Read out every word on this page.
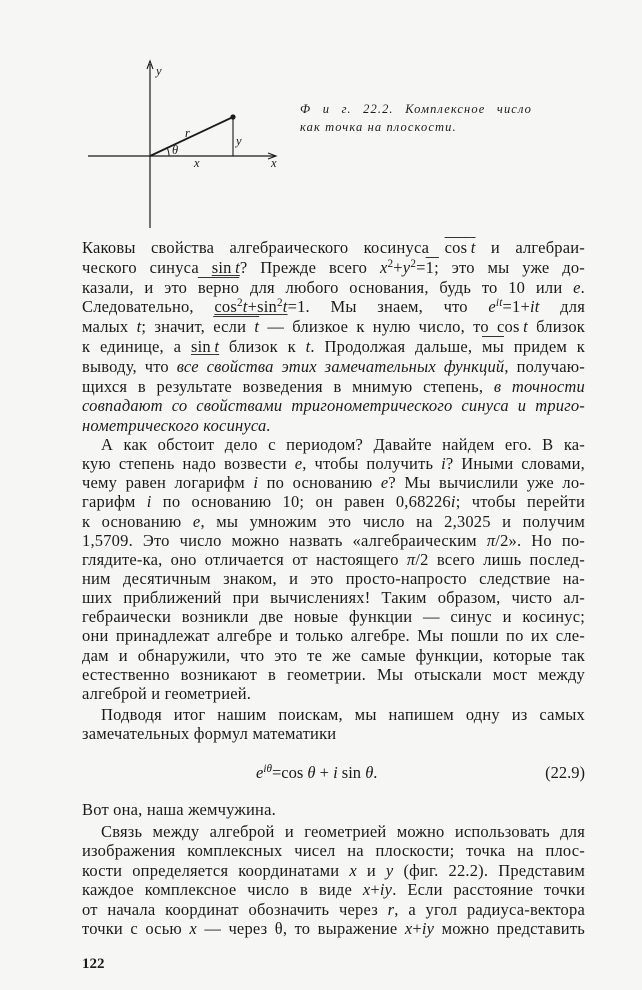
y
x
r
θ
x
y
Ф и г. 22.2. Комплексное число
как точка на плоскости.
Каковы свойства алгебраического косинуса cos t и алгебраи-
ческого синуса sin t? Прежде всего $x^2+y^2=1$; это мы уже до-
казали, и это верно для любого основания, будь то 10 или e.
Следовательно, $\cos^2t+\sin^2t=1$. Мы знаем, что $e^{it}=1+it$ для
малых t; значит, если t — близкое к нулю число, то cos t близок
к единице, а sin t близок к t. Продолжая дальше, мы придем к
выводу, что все свойства этих замечательных функций, получаю-
щихся в результате возведения в мнимую степень, в точности
совпадают со свойствами тригонометрического синуса и триго-
нометрического косинуса.
А как обстоит дело с периодом? Давайте найдем его. В ка-
кую степень надо возвести e, чтобы получить i? Иными словами,
чему равен логарифм i по основанию e? Мы вычислили уже ло-
гарифм i по основанию 10; он равен 0,68226i; чтобы перейти
к основанию e, мы умножим это число на 2,3025 и получим
1,5709. Это число можно назвать «алгебраическим π/2». Но по-
глядите-ка, оно отличается от настоящего π/2 всего лишь послед-
ним десятичным знаком, и это просто-напросто следствие на-
ших приближений при вычислениях! Таким образом, чисто ал-
гебраически возникли две новые функции — синус и косинус;
они принадлежат алгебре и только алгебре. Мы пошли по их сле-
дам и обнаружили, что это те же самые функции, которые так
естественно возникают в геометрии. Мы отыскали мост между
алгеброй и геометрией.
Подводя итог нашим поискам, мы напишем одну из самых
замечательных формул математики
$e^{i\theta}=\cos$ θ + i sin θ.	(22.9)
Вот она, наша жемчужина.
Связь между алгеброй и геометрией можно использовать для
изображения комплексных чисел на плоскости; точка на плос-
кости определяется координатами x и y (фиг. 22.2). Представим
каждое комплексное число в виде x+iy. Если расстояние точки
от начала координат обозначить через r, а угол радиуса-вектора
точки с осью x — через θ, то выражение x+iy можно представить
122
